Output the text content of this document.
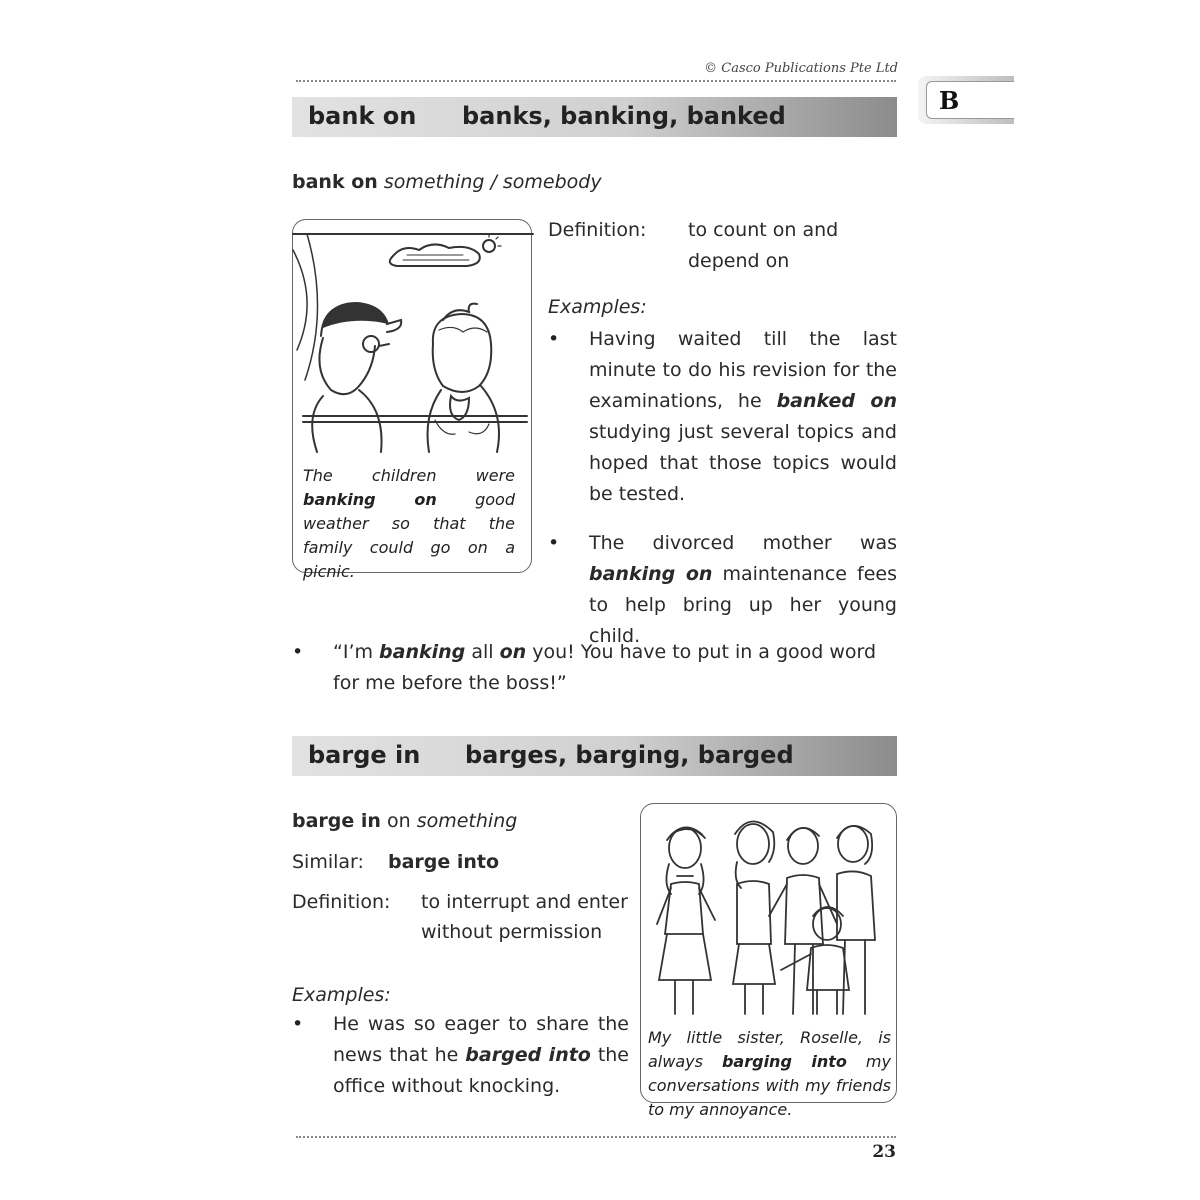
© Casco Publications Pte Ltd
B
bank on banks, banking, banked
bank on something / somebody
The children were banking on good weather so that the family could go on a picnic.
Definition: to count on and
depend on
Examples:
• Having waited till the last minute to do his revision for the examinations, he banked on studying just several topics and hoped that those topics would be tested.
• The divorced mother was banking on maintenance fees to help bring up her young child.
• “I’m banking all on you! You have to put in a good word for me before the boss!”
barge in barges, barging, barged
barge in on something
Similar: barge into
Definition: to interrupt and enter
without permission
Examples:
• He was so eager to share the news that he barged into the office without knocking.
My little sister, Roselle, is always barging into my conversations with my friends to my annoyance.
23
